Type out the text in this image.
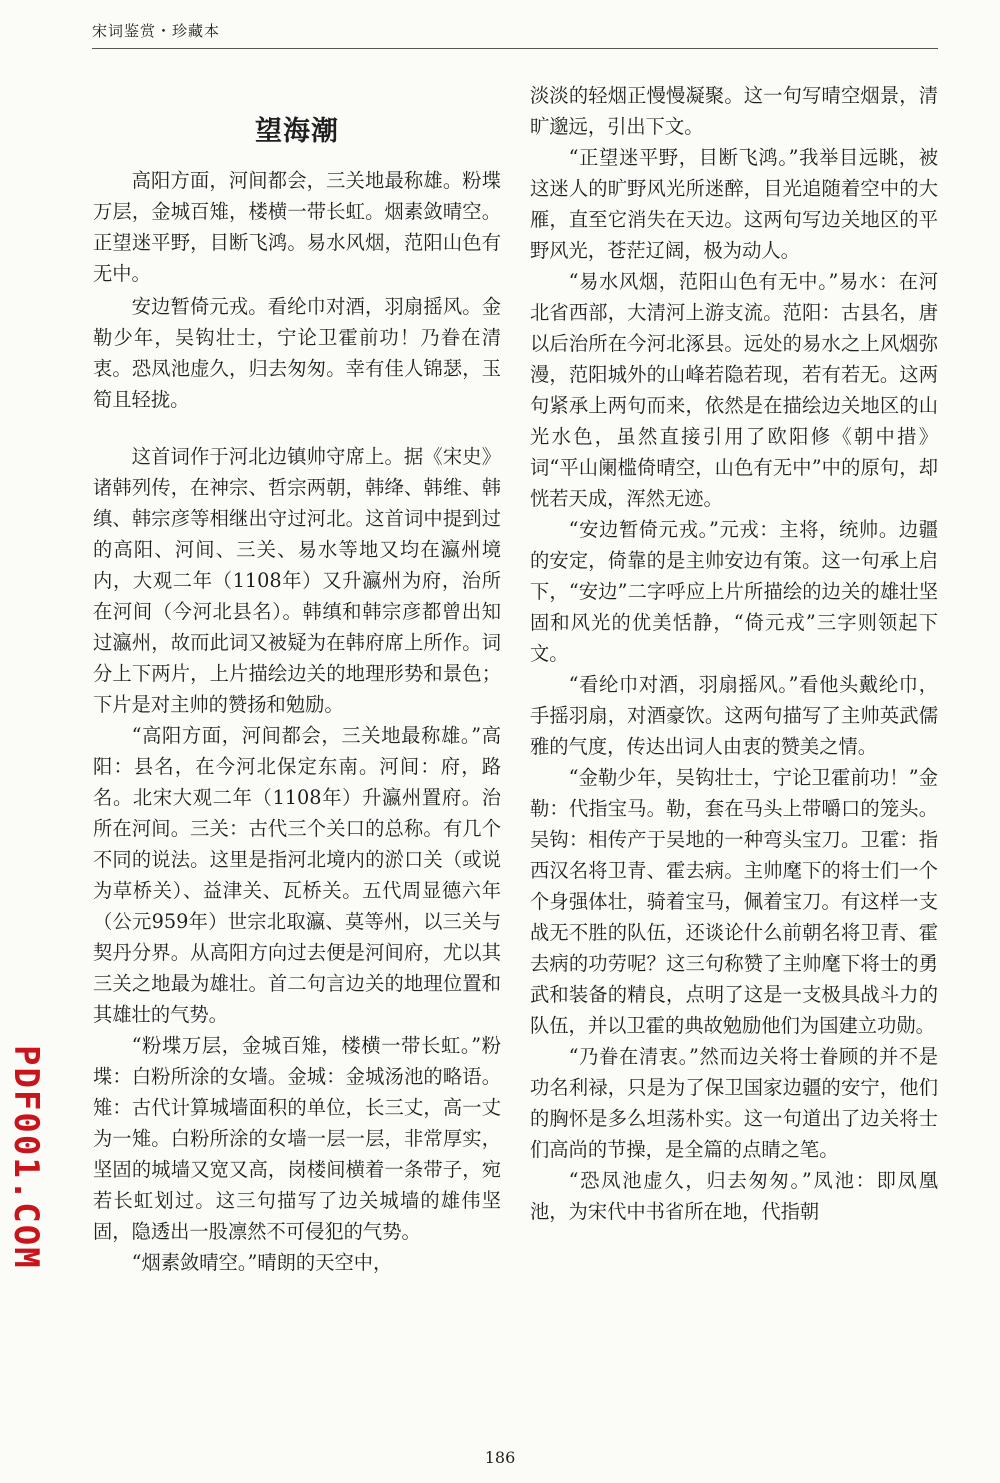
宋词鉴赏・珍藏本
望海潮

高阳方面，河间都会，三关地最称雄。粉堞万层，金城百雉，楼横一带长虹。烟素敛晴空。正望迷平野，目断飞鸿。易水风烟，范阳山色有无中。

安边暂倚元戎。看纶巾对酒，羽扇摇风。金勒少年，吴钩壮士，宁论卫霍前功！乃眷在清衷。恐凤池虚久，归去匆匆。幸有佳人锦瑟，玉筍且轻拢。

这首词作于河北边镇帅守席上。据《宋史》诸韩列传，在神宗、哲宗两朝，韩绛、韩维、韩缜、韩宗彦等相继出守过河北。这首词中提到过的高阳、河间、三关、易水等地又均在瀛州境内，大观二年（1108年）又升瀛州为府，治所在河间（今河北县名）。韩缜和韩宗彦都曾出知过瀛州，故而此词又被疑为在韩府席上所作。词分上下两片，上片描绘边关的地理形势和景色；下片是对主帅的赞扬和勉励。

“高阳方面，河间都会，三关地最称雄。”高阳：县名，在今河北保定东南。河间：府，路名。北宋大观二年（1108年）升瀛州置府。治所在河间。三关：古代三个关口的总称。有几个不同的说法。这里是指河北境内的淤口关（或说为草桥关）、益津关、瓦桥关。五代周显德六年（公元959年）世宗北取瀛、莫等州，以三关与契丹分界。从高阳方向过去便是河间府，尤以其三关之地最为雄壮。首二句言边关的地理位置和其雄壮的气势。

“粉堞万层，金城百雉，楼横一带长虹。”粉堞：白粉所涂的女墙。金城：金城汤池的略语。雉：古代计算城墙面积的单位，长三丈，高一丈为一雉。白粉所涂的女墙一层一层，非常厚实，坚固的城墙又宽又高，岗楼间横着一条带子，宛若长虹划过。这三句描写了边关城墙的雄伟坚固，隐透出一股凛然不可侵犯的气势。

“烟素敛晴空。”晴朗的天空中，

淡淡的轻烟正慢慢凝聚。这一句写晴空烟景，清旷邈远，引出下文。

“正望迷平野，目断飞鸿。”我举目远眺，被这迷人的旷野风光所迷醉，目光追随着空中的大雁，直至它消失在天边。这两句写边关地区的平野风光，苍茫辽阔，极为动人。

“易水风烟，范阳山色有无中。”易水：在河北省西部，大清河上游支流。范阳：古县名，唐以后治所在今河北涿县。远处的易水之上风烟弥漫，范阳城外的山峰若隐若现，若有若无。这两句紧承上两句而来，依然是在描绘边关地区的山光水色，虽然直接引用了欧阳修《朝中措》词“平山阑槛倚晴空，山色有无中”中的原句，却恍若天成，浑然无迹。

“安边暂倚元戎。”元戎：主将，统帅。边疆的安定，倚靠的是主帅安边有策。这一句承上启下，“安边”二字呼应上片所描绘的边关的雄壮坚固和风光的优美恬静，“倚元戎”三字则领起下文。

“看纶巾对酒，羽扇摇风。”看他头戴纶巾，手摇羽扇，对酒豪饮。这两句描写了主帅英武儒雅的气度，传达出词人由衷的赞美之情。

“金勒少年，吴钩壮士，宁论卫霍前功！”金勒：代指宝马。勒，套在马头上带嚼口的笼头。吴钩：相传产于吴地的一种弯头宝刀。卫霍：指西汉名将卫青、霍去病。主帅麾下的将士们一个个身强体壮，骑着宝马，佩着宝刀。有这样一支战无不胜的队伍，还谈论什么前朝名将卫青、霍去病的功劳呢？这三句称赞了主帅麾下将士的勇武和装备的精良，点明了这是一支极具战斗力的队伍，并以卫霍的典故勉励他们为国建立功勋。

“乃眷在清衷。”然而边关将士眷顾的并不是功名利禄，只是为了保卫国家边疆的安宁，他们的胸怀是多么坦荡朴实。这一句道出了边关将士们高尚的节操，是全篇的点睛之笔。

“恐凤池虚久，归去匆匆。”凤池：即凤凰池，为宋代中书省所在地，代指朝

PDF001.COM
186
